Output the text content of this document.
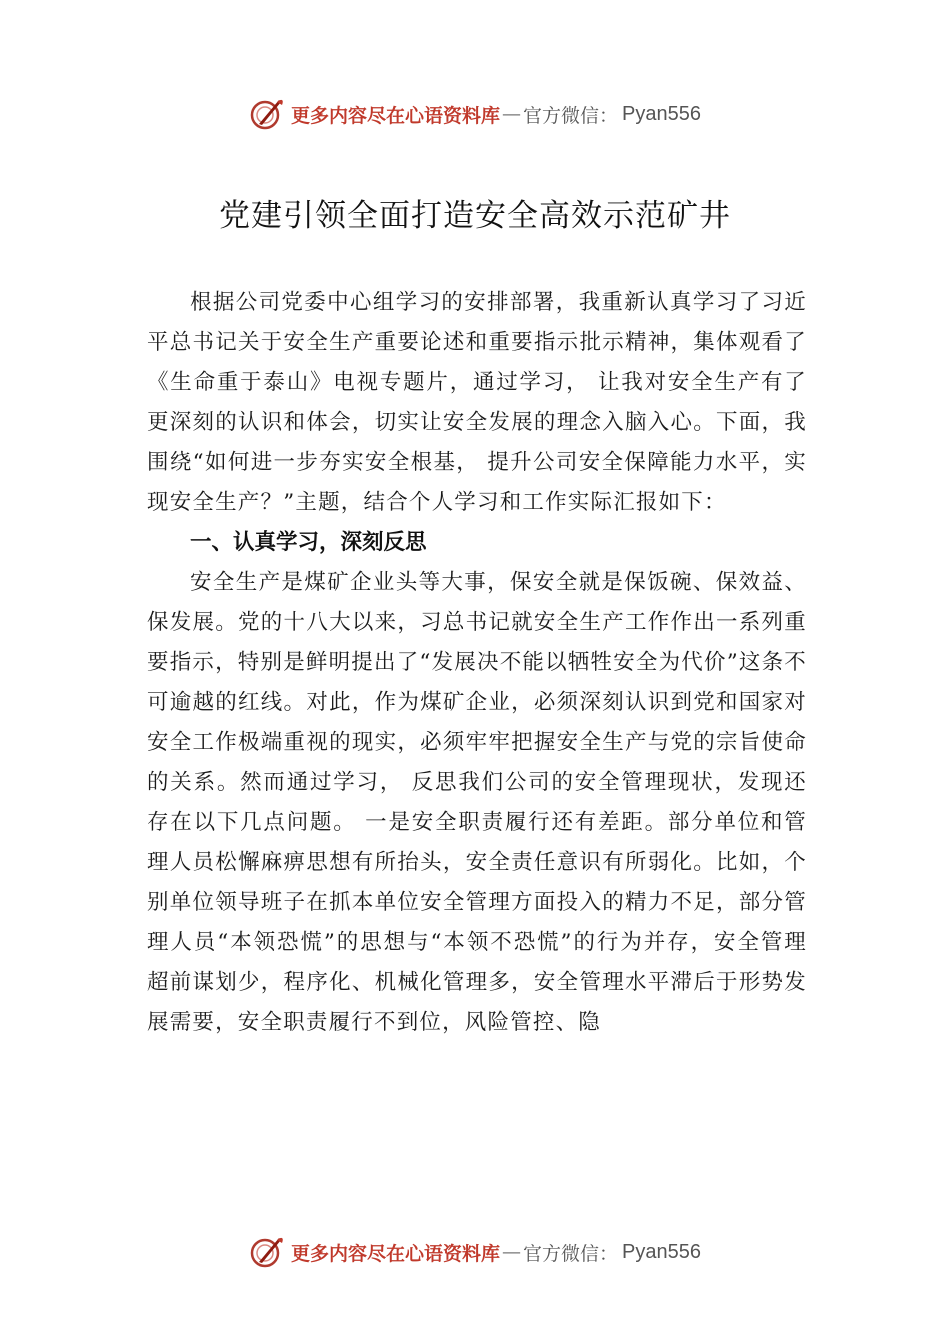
更多内容尽在心语资料库 — 官方微信： Pyan556
党建引领全面打造安全高效示范矿井

根据公司党委中心组学习的安排部署，我重新认真学习了习近平总书记关于安全生产重要论述和重要指示批示精神，集体观看了《生命重于泰山》电视专题片，通过学习， 让我对安全生产有了更深刻的认识和体会，切实让安全发展的理念入脑入心。下面，我围绕“如何进一步夯实安全根基， 提升公司安全保障能力水平，实现安全生产？”主题，结合个人学习和工作实际汇报如下：

一、认真学习，深刻反思

安全生产是煤矿企业头等大事，保安全就是保饭碗、保效益、保发展。党的十八大以来，习总书记就安全生产工作作出一系列重要指示，特别是鲜明提出了“发展决不能以牺牲安全为代价”这条不可逾越的红线。对此，作为煤矿企业，必须深刻认识到党和国家对安全工作极端重视的现实，必须牢牢把握安全生产与党的宗旨使命的关系。然而通过学习， 反思我们公司的安全管理现状，发现还存在以下几点问题。 一是安全职责履行还有差距。部分单位和管理人员松懈麻痹思想有所抬头，安全责任意识有所弱化。比如，个别单位领导班子在抓本单位安全管理方面投入的精力不足，部分管理人员“本领恐慌”的思想与“本领不恐慌”的行为并存，安全管理超前谋划少，程序化、机械化管理多，安全管理水平滞后于形势发展需要，安全职责履行不到位，风险管控、隐

更多内容尽在心语资料库 — 官方微信： Pyan556
